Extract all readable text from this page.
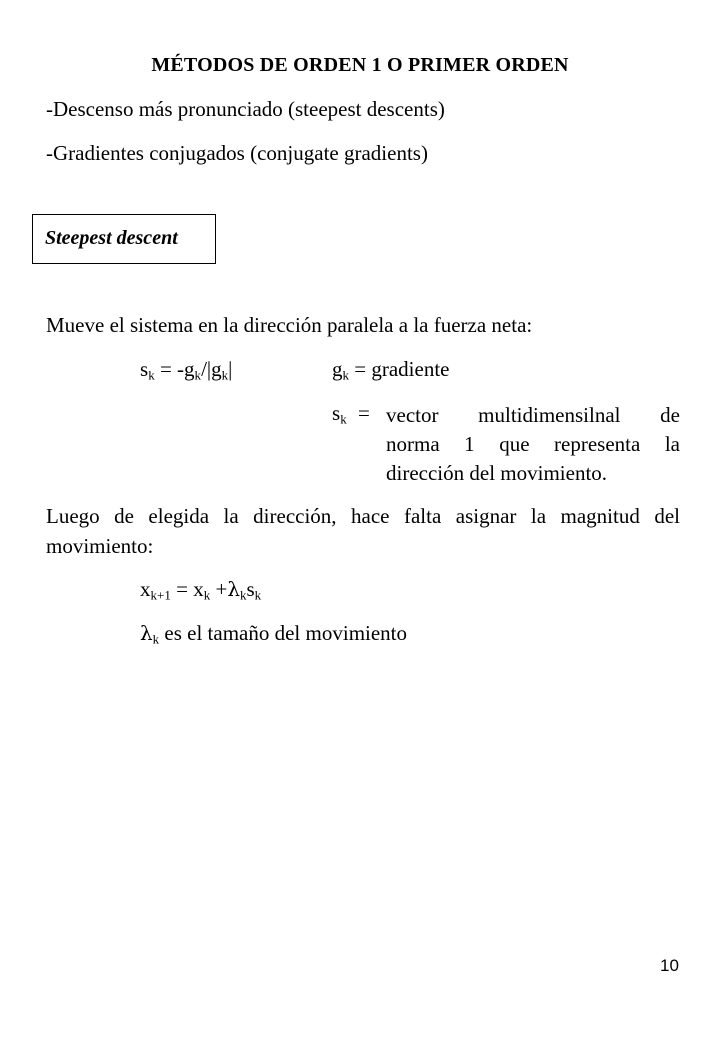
MÉTODOS DE ORDEN 1 O PRIMER ORDEN
-Descenso más pronunciado (steepest descents)
-Gradientes conjugados (conjugate gradients)
Steepest descent
Mueve el sistema en la dirección paralela a la fuerza neta:
$s_k = -g_k/|g_k|$	$g_k$ = gradiente
$s_k$ = vector multidimensilnal de
norma 1 que representa la
dirección del movimiento.
Luego de elegida la dirección, hace falta asignar la magnitud del
movimiento:
$x_{k+1} = x_k +\lambda_ks_k$
$\lambda_k$ es el tamaño del movimiento
10
